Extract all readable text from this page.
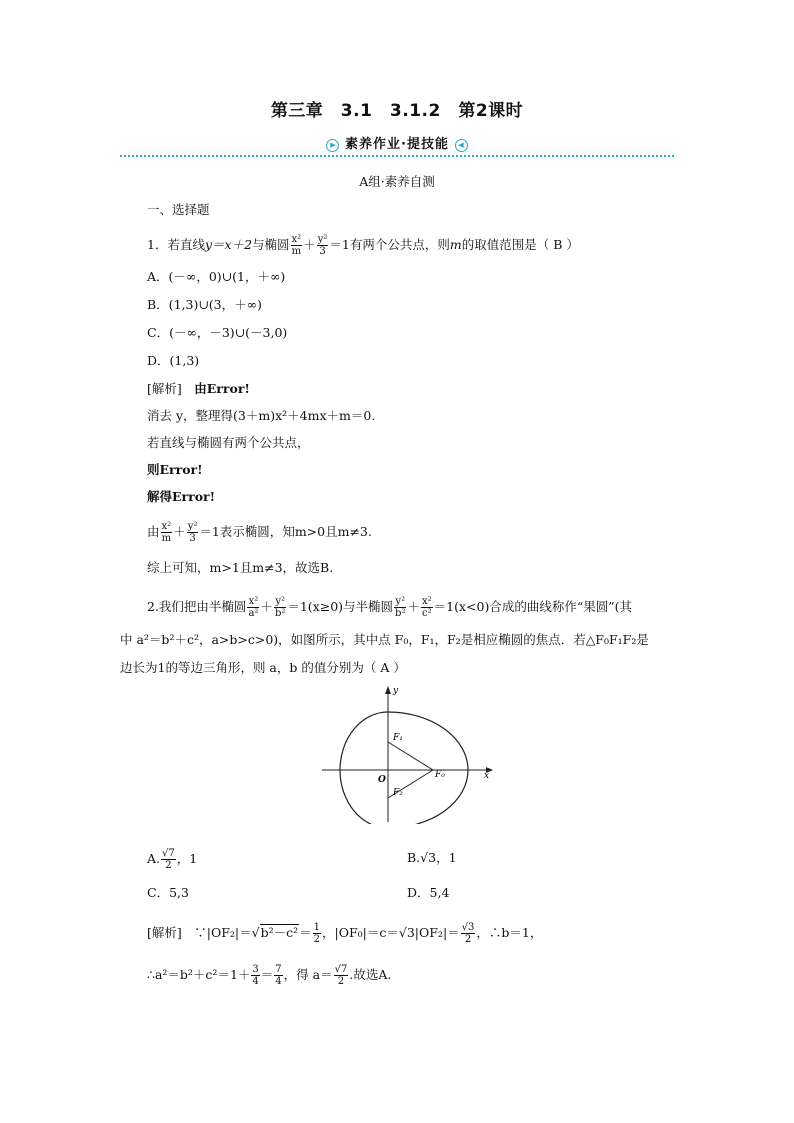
第三章　3.1　3.1.2　第2课时
▶ 素养作业·提技能 ◀
A组·素养自测
一、选择题
1．若直线y＝x＋2与椭圆 $\frac{\text{x²}}{m} + \frac{\text{y²}}{3} =1$有两个公共点，则m的取值范围是（ B ）
A．(－∞，0)∪(1，＋∞)
B．(1,3)∪(3，＋∞)
C．(－∞，－3)∪(－3,0)
D．(1,3)
[解析]　 由Error!
消去 y，整理得(3＋m)x²＋4mx＋m＝0.
若直线与椭圆有两个公共点，
则Error!
解得Error!
由 $\frac{\text{x²}}{m} + \frac{\text{y²}}{3} =1$表示椭圆，知m>0且m≠3.
综上可知，m>1且m≠3，故选B.
2.我们把由半椭圆 $\frac{\text{x²}}{\text{a²}} + \frac{\text{y²}}{\text{b²}} =1(x\ge 0)$与半椭圆 $\frac{\text{y²}}{\text{b²}} + \frac{\text{x²}}{\text{c²}} =1(x<0)$合成的曲线称作“果圆”(其
中 a²＝b²＋c²，a>b>c>0)，如图所示，其中点 F₀，F₁，F₂是相应椭圆的焦点．若△F₀F₁F₂是
边长为1的等边三角形，则 a，b 的值分别为（ A ）
F₁
F₂
F₀
O
y
x
A. $\frac{√7}{2}$ ，1	B.√3，1
C．5,3	D．5,4
[解析]　 ∵|OF₂|＝√b²－c²＝ $\frac{1}{2}$ ，$|OF_0|=c=√3|OF_2|= \frac{√3}{2}$ ，∴b＝1，
∴a²＝b²＋c²＝1＋ $\frac{3}{4} = \frac{7}{4}$ ，得 $a= \frac{√7}{2}$ .故选A.
